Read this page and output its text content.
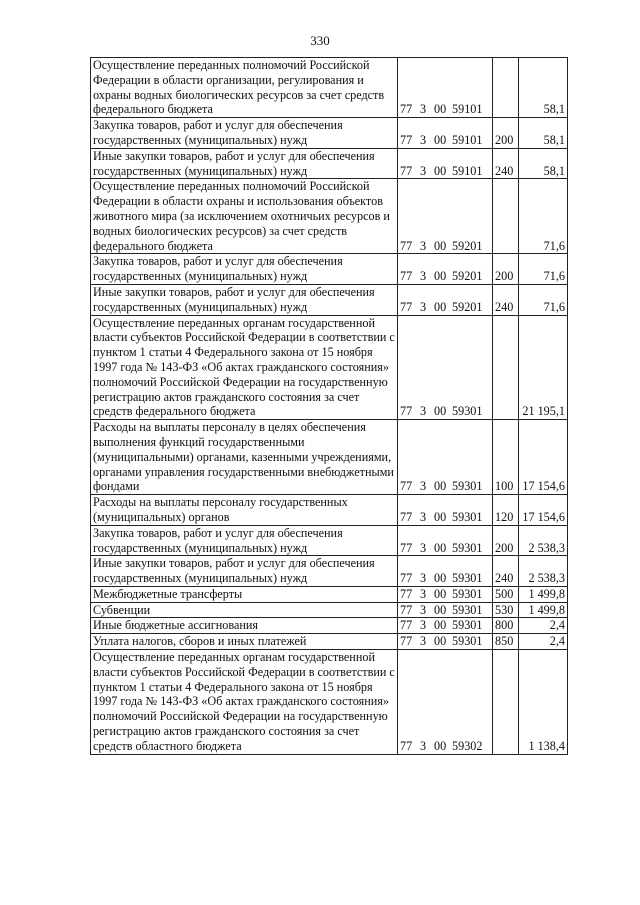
330
Осуществление переданных полномочий Российской Федерации в области организации, регулирования и охраны водных биологических ресурсов за счет средств федерального бюджета	77 3 00 59101		58,1
Закупка товаров, работ и услуг для обеспечения государственных (муниципальных) нужд	77 3 00 59101	200	58,1
Иные закупки товаров, работ и услуг для обеспечения государственных (муниципальных) нужд	77 3 00 59101	240	58,1
Осуществление переданных полномочий Российской Федерации в области охраны и использования объектов животного мира (за исключением охотничьих ресурсов и водных биологических ресурсов) за счет средств федерального бюджета	77 3 00 59201		71,6
Закупка товаров, работ и услуг для обеспечения государственных (муниципальных) нужд	77 3 00 59201	200	71,6
Иные закупки товаров, работ и услуг для обеспечения государственных (муниципальных) нужд	77 3 00 59201	240	71,6
Осуществление переданных органам государственной власти субъектов Российской Федерации в соответствии с пунктом 1 статьи 4 Федерального закона от 15 ноября 1997 года № 143-ФЗ «Об актах гражданского состояния» полномочий Российской Федерации на государственную регистрацию актов гражданского состояния за счет средств федерального бюджета	77 3 00 59301		21 195,1
Расходы на выплаты персоналу в целях обеспечения выполнения функций государственными (муниципальными) органами, казенными учреждениями, органами управления государственными внебюджетными фондами	77 3 00 59301	100	17 154,6
Расходы на выплаты персоналу государственных (муниципальных) органов	77 3 00 59301	120	17 154,6
Закупка товаров, работ и услуг для обеспечения государственных (муниципальных) нужд	77 3 00 59301	200	2 538,3
Иные закупки товаров, работ и услуг для обеспечения государственных (муниципальных) нужд	77 3 00 59301	240	2 538,3
Межбюджетные трансферты	77 3 00 59301	500	1 499,8
Субвенции	77 3 00 59301	530	1 499,8
Иные бюджетные ассигнования	77 3 00 59301	800	2,4
Уплата налогов, сборов и иных платежей	77 3 00 59301	850	2,4
Осуществление переданных органам государственной власти субъектов Российской Федерации в соответствии с пунктом 1 статьи 4 Федерального закона от 15 ноября 1997 года № 143-ФЗ «Об актах гражданского состояния» полномочий Российской Федерации на государственную регистрацию актов гражданского состояния за счет средств областного бюджета	77 3 00 59302		1 138,4
